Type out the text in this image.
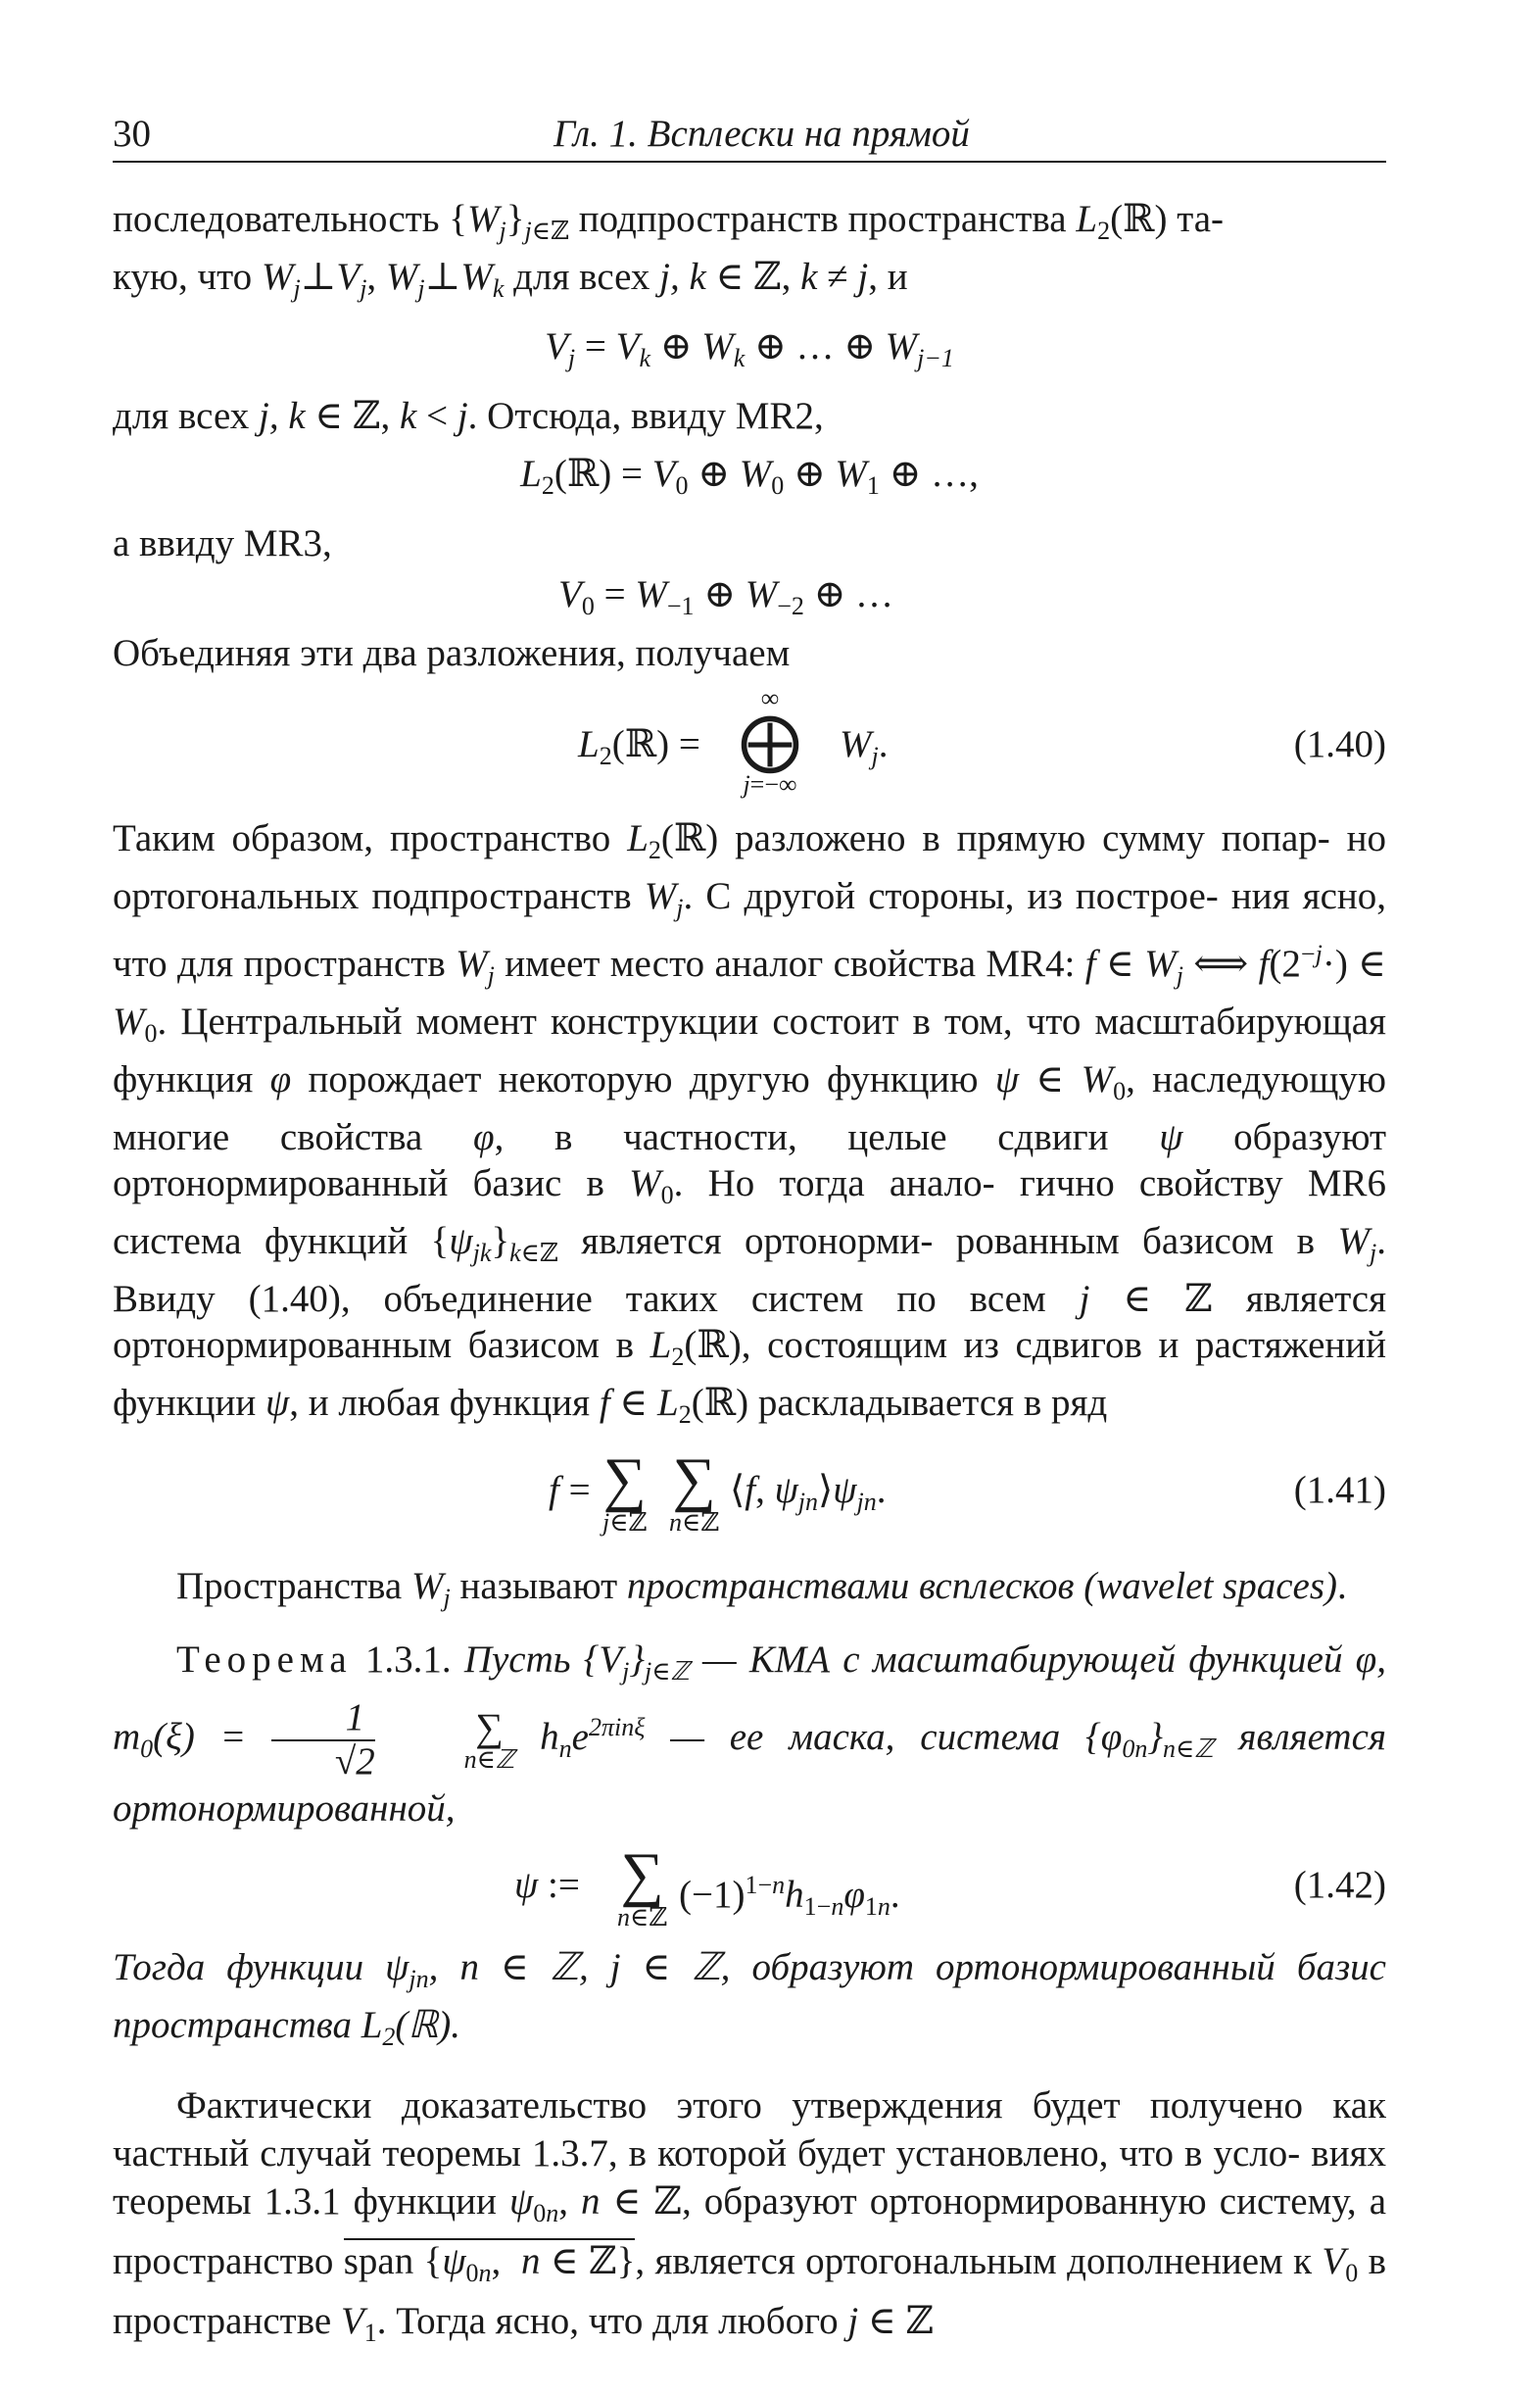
30	Гл. 1. Всплески на прямой

последовательность $\{W_j\}_{j\in ℤ}$ подпространств пространства $L_2(ℝ)$ та-
кую, что $W_j\perp V_j$, $W_j\perp W_k$ для всех j, k ∈ ℤ, k ≠ j, и

$V_j = V_k$ ⊕ $W_k$ ⊕ … ⊕ $W_{j-1}$

для всех j, k ∈ ℤ, k < j. Отсюда, ввиду MR2,

$L_2(ℝ) = V_0$ ⊕ $W_0$ ⊕ $W_1$ ⊕ …,
а ввиду MR3,
$V_0 = W_{-1}$ ⊕ $W_{-2}$ ⊕ …

Объединяя эти два разложения, получаем

$L_2(ℝ)$ =
∞
⨁
j=−∞
$W_j$.	(1.40)

Таким образом, пространство $L_2(ℝ)$ разложено в прямую сумму попар- но ортогональных подпространств $W_j$. С другой стороны, из построе- ния ясно, что для пространств $W_j$ имеет место аналог свойства MR4: f ∈ $W_j$ ⟺ $f(2^{-j}\cdot)$ ∈ $W_0$. Центральный момент конструкции состоит в том, что масштабирующая функция φ порождает некоторую другую функцию ψ ∈ $W_0$, наследующую многие свойства φ, в частности, целые сдвиги ψ образуют ортонормированный базис в $W_0$. Но тогда анало- гично свойству MR6 система функций $\{\psi_{jk}\}_{k\in ℤ}$ является ортонорми- рованным базисом в $W_j$. Ввиду (1.40), объединение таких систем по всем j ∈ ℤ является ортонормированным базисом в $L_2(ℝ)$, состоящим из сдвигов и растяжений функции ψ, и любая функция f ∈ $L_2(ℝ)$ раскладывается в ряд

f = ∑
j∈ℤ
∑
n∈ℤ
⟨f, $\psi_{jn}⟩\psi_{jn}$.	(1.41)

Пространства $W_j$ называют пространствами всплесков (wavelet spaces).

Теорема 1.3.1. Пусть $\{V_j\}_{j\in ℤ}$ — КМА с масштабирующей функцией φ, $m_0(\xi) = \frac{1}{√2}$
	∑
n∈ℤ
$h_ne^{2\pi in\xi}$ — ее маска, система $\{\varphi_{0n}\}_{n\in ℤ}$ является ортонормированной,

ψ := ∑
n∈ℤ
$(-1)^{1-n}h_{1-n}\varphi_{1n}$.	(1.42)

Тогда функции $\psi_{jn}$, n ∈ ℤ, j ∈ ℤ, образуют ортонормированный базис пространства $L_2(ℝ)$.

Фактически доказательство этого утверждения будет получено как частный случай теоремы 1.3.7, в которой будет установлено, что в усло- виях теоремы 1.3.1 функции $\psi_{0n}$, n ∈ ℤ, образуют ортонормированную систему, а пространство span {$\psi_{0n}$,  n ∈ ℤ}, является ортогональным дополнением к $V_0$ в пространстве $V_1$. Тогда ясно, что для любого j ∈ ℤ
